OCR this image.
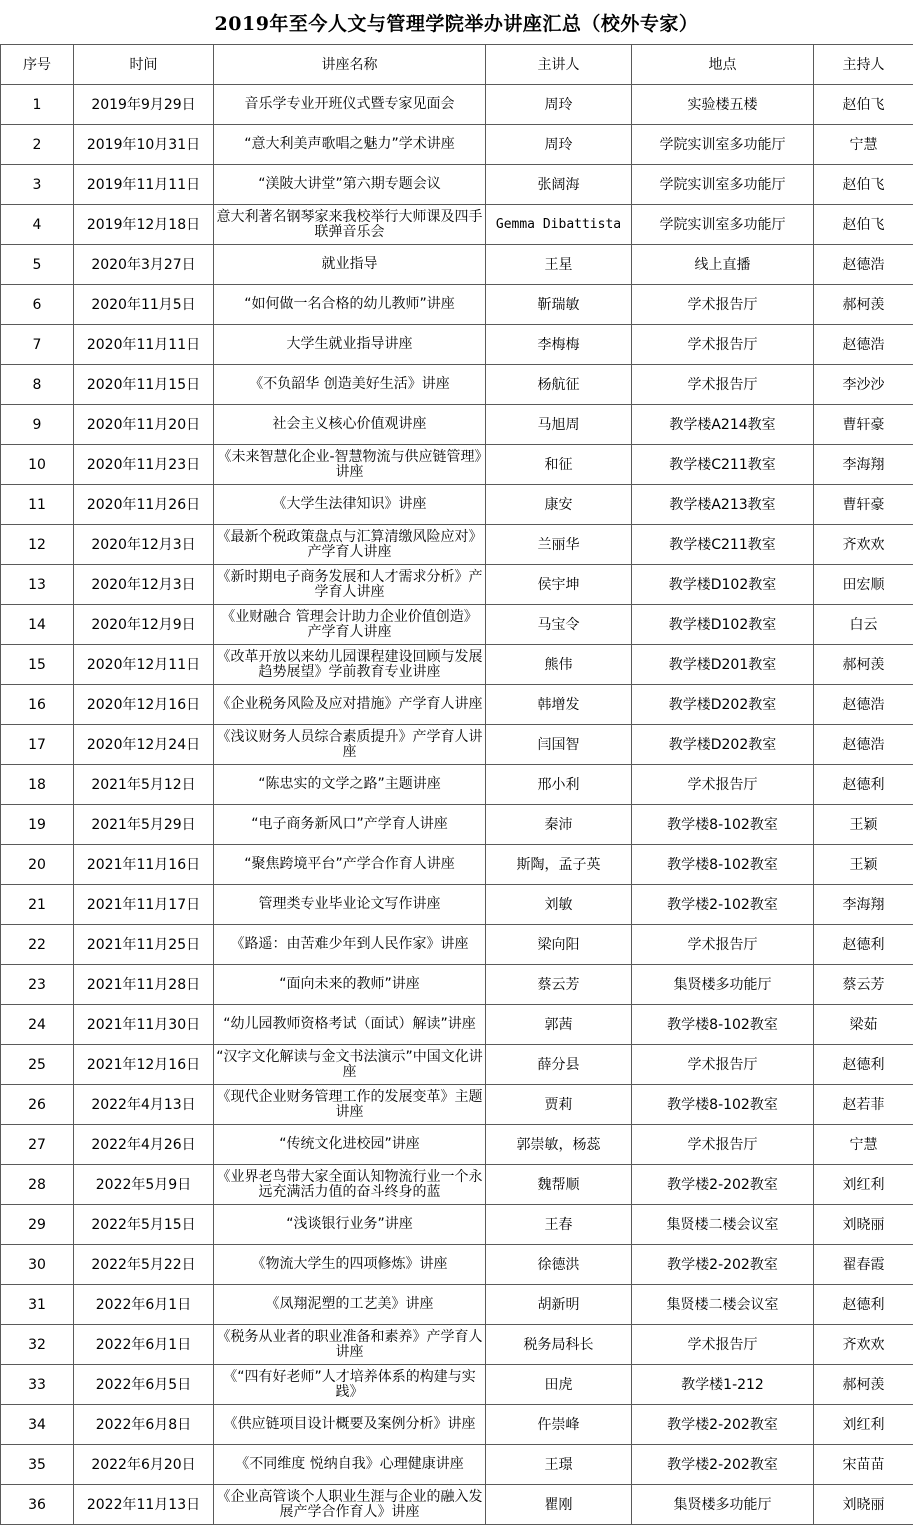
2019年至今人文与管理学院举办讲座汇总（校外专家）
序号	时间	讲座名称	主讲人	地点	主持人
1	2019年9月29日	音乐学专业开班仪式暨专家见面会	周玲	实验楼五楼	赵伯飞
2	2019年10月31日	“意大利美声歌唱之魅力”学术讲座	周玲	学院实训室多功能厅	宁慧
3	2019年11月11日	“渼陂大讲堂”第六期专题会议	张阔海	学院实训室多功能厅	赵伯飞
4	2019年12月18日	意大利著名钢琴家来我校举行大师课及四手联弹音乐会	Gemma Dibattista	学院实训室多功能厅	赵伯飞
5	2020年3月27日	就业指导	王星	线上直播	赵德浩
6	2020年11月5日	“如何做一名合格的幼儿教师”讲座	靳瑞敏	学术报告厅	郝柯羡
7	2020年11月11日	大学生就业指导讲座	李梅梅	学术报告厅	赵德浩
8	2020年11月15日	《不负韶华 创造美好生活》讲座	杨航征	学术报告厅	李沙沙
9	2020年11月20日	社会主义核心价值观讲座	马旭周	教学楼A214教室	曹轩豪
10	2020年11月23日	《未来智慧化企业-智慧物流与供应链管理》讲座	和征	教学楼C211教室	李海翔
11	2020年11月26日	《大学生法律知识》讲座	康安	教学楼A213教室	曹轩豪
12	2020年12月3日	《最新个税政策盘点与汇算清缴风险应对》产学育人讲座	兰丽华	教学楼C211教室	齐欢欢
13	2020年12月3日	《新时期电子商务发展和人才需求分析》产学育人讲座	侯宇坤	教学楼D102教室	田宏顺
14	2020年12月9日	《业财融合 管理会计助力企业价值创造》产学育人讲座	马宝令	教学楼D102教室	白云
15	2020年12月11日	《改革开放以来幼儿园课程建设回顾与发展趋势展望》学前教育专业讲座	熊伟	教学楼D201教室	郝柯羡
16	2020年12月16日	《企业税务风险及应对措施》产学育人讲座	韩增发	教学楼D202教室	赵德浩
17	2020年12月24日	《浅议财务人员综合素质提升》产学育人讲座	闫国智	教学楼D202教室	赵德浩
18	2021年5月12日	“陈忠实的文学之路”主题讲座	邢小利	学术报告厅	赵德利
19	2021年5月29日	“电子商务新风口”产学育人讲座	秦沛	教学楼8-102教室	王颖
20	2021年11月16日	“聚焦跨境平台”产学合作育人讲座	斯陶，孟子英	教学楼8-102教室	王颖
21	2021年11月17日	管理类专业毕业论文写作讲座	刘敏	教学楼2-102教室	李海翔
22	2021年11月25日	《路遥：由苦难少年到人民作家》讲座	梁向阳	学术报告厅	赵德利
23	2021年11月28日	“面向未来的教师”讲座	蔡云芳	集贤楼多功能厅	蔡云芳
24	2021年11月30日	“幼儿园教师资格考试（面试）解读”讲座	郭茜	教学楼8-102教室	梁茹
25	2021年12月16日	“汉字文化解读与金文书法演示”中国文化讲座	薛分县	学术报告厅	赵德利
26	2022年4月13日	《现代企业财务管理工作的发展变革》主题讲座	贾莉	教学楼8-102教室	赵若菲
27	2022年4月26日	“传统文化进校园”讲座	郭崇敏，杨蕊	学术报告厅	宁慧
28	2022年5月9日	《业界老鸟带大家全面认知物流行业一个永远充满活力值的奋斗终身的蓝	魏帮顺	教学楼2-202教室	刘红利
29	2022年5月15日	“浅谈银行业务”讲座	王春	集贤楼二楼会议室	刘晓丽
30	2022年5月22日	《物流大学生的四项修炼》讲座	徐德洪	教学楼2-202教室	翟春霞
31	2022年6月1日	《凤翔泥塑的工艺美》讲座	胡新明	集贤楼二楼会议室	赵德利
32	2022年6月1日	《税务从业者的职业准备和素养》产学育人讲座	税务局科长	学术报告厅	齐欢欢
33	2022年6月5日	《“四有好老师”人才培养体系的构建与实践》	田虎	教学楼1-212	郝柯羡
34	2022年6月8日	《供应链项目设计概要及案例分析》讲座	仵崇峰	教学楼2-202教室	刘红利
35	2022年6月20日	《不同维度 悦纳自我》心理健康讲座	王璟	教学楼2-202教室	宋苗苗
36	2022年11月13日	《企业高管谈个人职业生涯与企业的融入发展产学合作育人》讲座	瞿刚	集贤楼多功能厅	刘晓丽
